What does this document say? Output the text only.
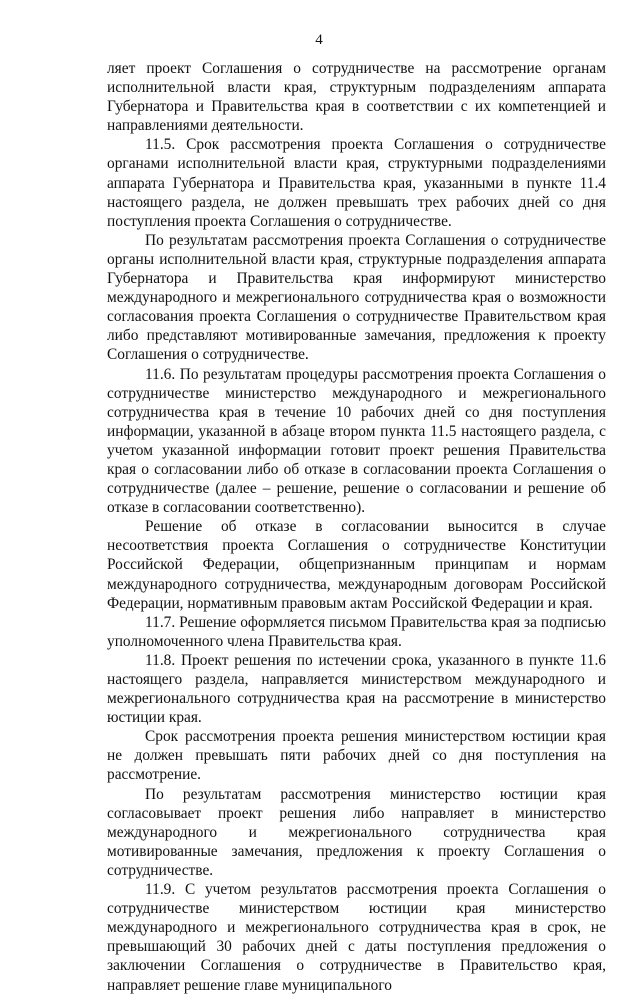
4

ляет проект Соглашения о сотрудничестве на рассмотрение органам исполнительной власти края, структурным подразделениям аппарата Губернатора и Правительства края в соответствии с их компетенцией и направлениями деятельности.

11.5. Срок рассмотрения проекта Соглашения о сотрудничестве органами исполнительной власти края, структурными подразделениями аппарата Губернатора и Правительства края, указанными в пункте 11.4 настоящего раздела, не должен превышать трех рабочих дней со дня поступления проекта Соглашения о сотрудничестве.

По результатам рассмотрения проекта Соглашения о сотрудничестве органы исполнительной власти края, структурные подразделения аппарата Губернатора и Правительства края информируют министерство международного и межрегионального сотрудничества края о возможности согласования проекта Соглашения о сотрудничестве Правительством края либо представляют мотивированные замечания, предложения к проекту Соглашения о сотрудничестве.

11.6. По результатам процедуры рассмотрения проекта Соглашения о сотрудничестве министерство международного и межрегионального сотрудничества края в течение 10 рабочих дней со дня поступления информации, указанной в абзаце втором пункта 11.5 настоящего раздела, с учетом указанной информации готовит проект решения Правительства края о согласовании либо об отказе в согласовании проекта Соглашения о сотрудничестве (далее – решение, решение о согласовании и решение об отказе в согласовании соответственно).

Решение об отказе в согласовании выносится в случае несоответствия проекта Соглашения о сотрудничестве Конституции Российской Федерации, общепризнанным принципам и нормам международного сотрудничества, международным договорам Российской Федерации, нормативным правовым актам Российской Федерации и края.

11.7. Решение оформляется письмом Правительства края за подписью уполномоченного члена Правительства края.

11.8. Проект решения по истечении срока, указанного в пункте 11.6 настоящего раздела, направляется министерством международного и межрегионального сотрудничества края на рассмотрение в министерство юстиции края.

Срок рассмотрения проекта решения министерством юстиции края не должен превышать пяти рабочих дней со дня поступления на рассмотрение.

По результатам рассмотрения министерство юстиции края согласовывает проект решения либо направляет в министерство международного и межрегионального сотрудничества края мотивированные замечания, предложения к проекту Соглашения о сотрудничестве.

11.9. С учетом результатов рассмотрения проекта Соглашения о сотрудничестве министерством юстиции края министерство международного и межрегионального сотрудничества края в срок, не превышающий 30 рабочих дней с даты поступления предложения о заключении Соглашения о сотрудничестве в Правительство края, направляет решение главе муниципального
